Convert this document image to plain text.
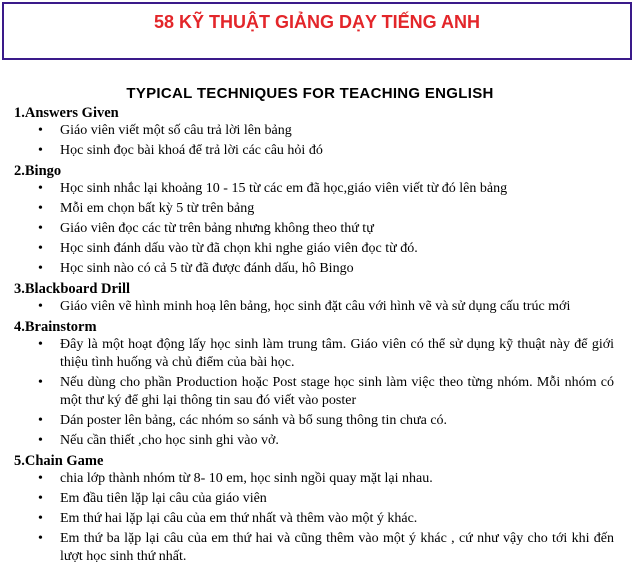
58 KỸ THUẬT GIẢNG DẠY TIẾNG ANH
TYPICAL TECHNIQUES FOR TEACHING ENGLISH
1.Answers Given
• Giáo viên viết một số câu trả lời lên bảng
• Học sinh đọc bài khoá để trả lời các câu hỏi đó
2.Bingo
• Học sinh nhắc lại khoảng 10 - 15 từ các em đã học,giáo viên viết từ đó lên bảng
• Mỗi em chọn bất kỳ 5 từ trên bảng
• Giáo viên đọc các từ trên bảng nhưng không theo thứ tự
• Học sinh đánh dấu vào từ đã chọn khi nghe giáo viên đọc từ đó.
• Học sinh nào có cả 5 từ đã được đánh dấu, hô Bingo
3.Blackboard Drill
• Giáo viên vẽ hình minh hoạ lên bảng, học sinh đặt câu với hình vẽ và sử dụng cấu trúc mới
4.Brainstorm
• Đây là một hoạt động lấy học sinh làm trung tâm. Giáo viên có thể sử dụng kỹ thuật này để giới thiệu tình huống và chủ điểm của bài học.
• Nếu dùng cho phần Production hoặc Post stage học sinh làm việc theo từng nhóm. Mỗi nhóm có một thư ký để ghi lại thông tin sau đó viết vào poster
• Dán poster lên bảng, các nhóm so sánh và bổ sung thông tin chưa có.
• Nếu cần thiết ,cho học sinh ghi vào vở.
5.Chain Game
• chia lớp thành nhóm từ 8- 10 em, học sinh ngồi quay mặt lại nhau.
• Em đầu tiên lặp lại câu của giáo viên
• Em thứ hai lặp lại câu của em thứ nhất và thêm vào một ý khác.
• Em thứ ba lặp lại câu của em thứ hai và cũng thêm vào một ý khác , cứ như vậy cho tới khi đến lượt học sinh thứ nhất.
